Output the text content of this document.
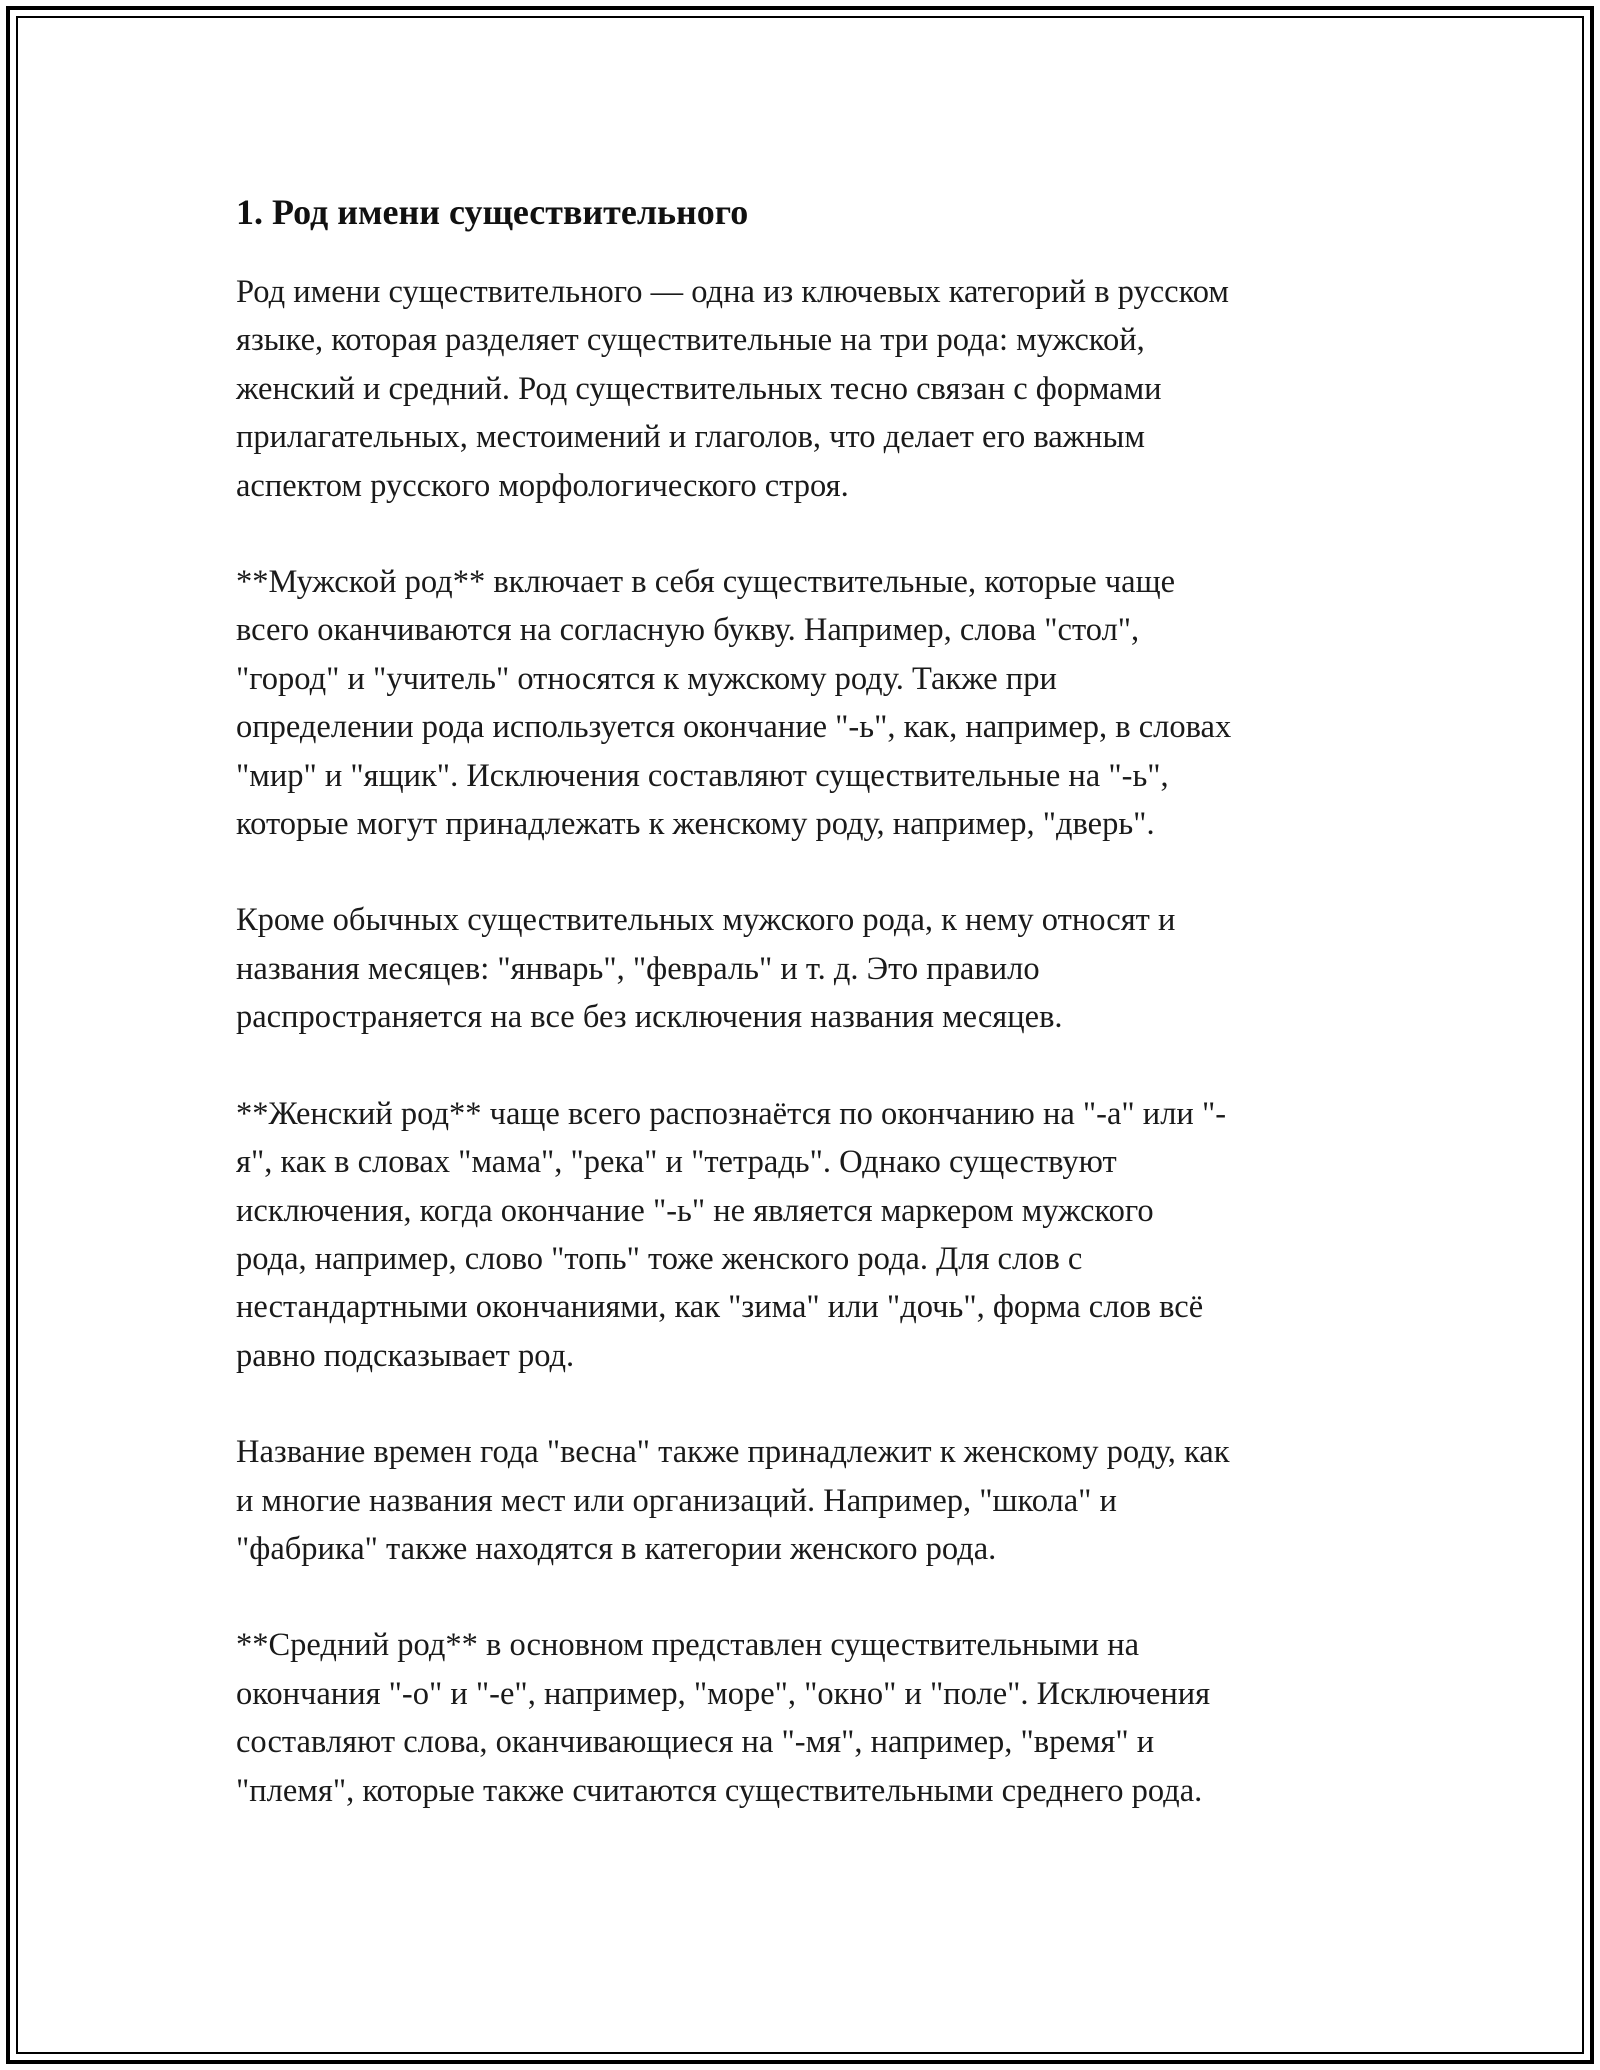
1. Род имени существительного

Род имени существительного — одна из ключевых категорий в русском
языке, которая разделяет существительные на три рода: мужской,
женский и средний. Род существительных тесно связан с формами
прилагательных, местоимений и глаголов, что делает его важным
аспектом русского морфологического строя.

**Мужской род** включает в себя существительные, которые чаще
всего оканчиваются на согласную букву. Например, слова "стол",
"город" и "учитель" относятся к мужскому роду. Также при
определении рода используется окончание "-ь", как, например, в словах
"мир" и "ящик". Исключения составляют существительные на "-ь",
которые могут принадлежать к женскому роду, например, "дверь".

Кроме обычных существительных мужского рода, к нему относят и
названия месяцев: "январь", "февраль" и т. д. Это правило
распространяется на все без исключения названия месяцев.

**Женский род** чаще всего распознаётся по окончанию на "-а" или "-
я", как в словах "мама", "река" и "тетрадь". Однако существуют
исключения, когда окончание "-ь" не является маркером мужского
рода, например, слово "топь" тоже женского рода. Для слов с
нестандартными окончаниями, как "зима" или "дочь", форма слов всё
равно подсказывает род.

Название времен года "весна" также принадлежит к женскому роду, как
и многие названия мест или организаций. Например, "школа" и
"фабрика" также находятся в категории женского рода.

**Средний род** в основном представлен существительными на
окончания "-о" и "-е", например, "море", "окно" и "поле". Исключения
составляют слова, оканчивающиеся на "-мя", например, "время" и
"племя", которые также считаются существительными среднего рода.
